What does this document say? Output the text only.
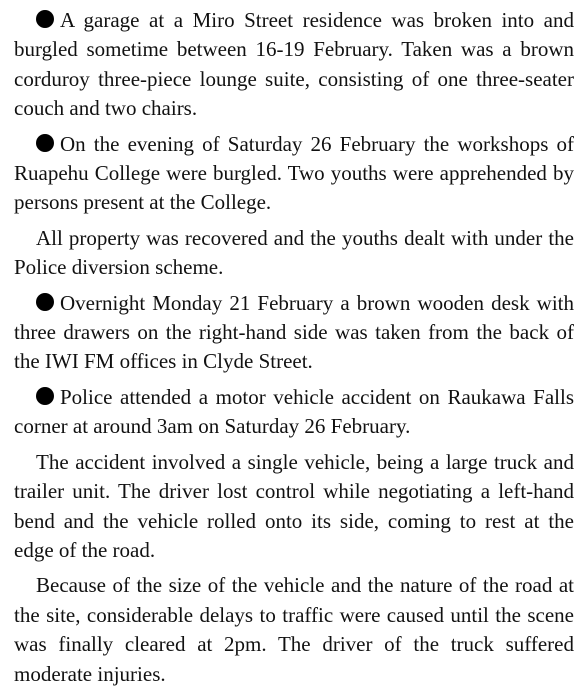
A garage at a Miro Street residence was broken into and burgled sometime between 16-19 February. Taken was a brown corduroy three-piece lounge suite, consisting of one three-seater couch and two chairs.

On the evening of Saturday 26 February the workshops of Ruapehu College were burgled. Two youths were apprehended by persons present at the College.

All property was recovered and the youths dealt with under the Police diversion scheme.

Overnight Monday 21 February a brown wooden desk with three drawers on the right-hand side was taken from the back of the IWI FM offices in Clyde Street.

Police attended a motor vehicle accident on Raukawa Falls corner at around 3am on Saturday 26 February.

The accident involved a single vehicle, being a large truck and trailer unit. The driver lost control while negotiating a left-hand bend and the vehicle rolled onto its side, coming to rest at the edge of the road.

Because of the size of the vehicle and the nature of the road at the site, considerable delays to traffic were caused until the scene was finally cleared at 2pm. The driver of the truck suffered moderate injuries.
